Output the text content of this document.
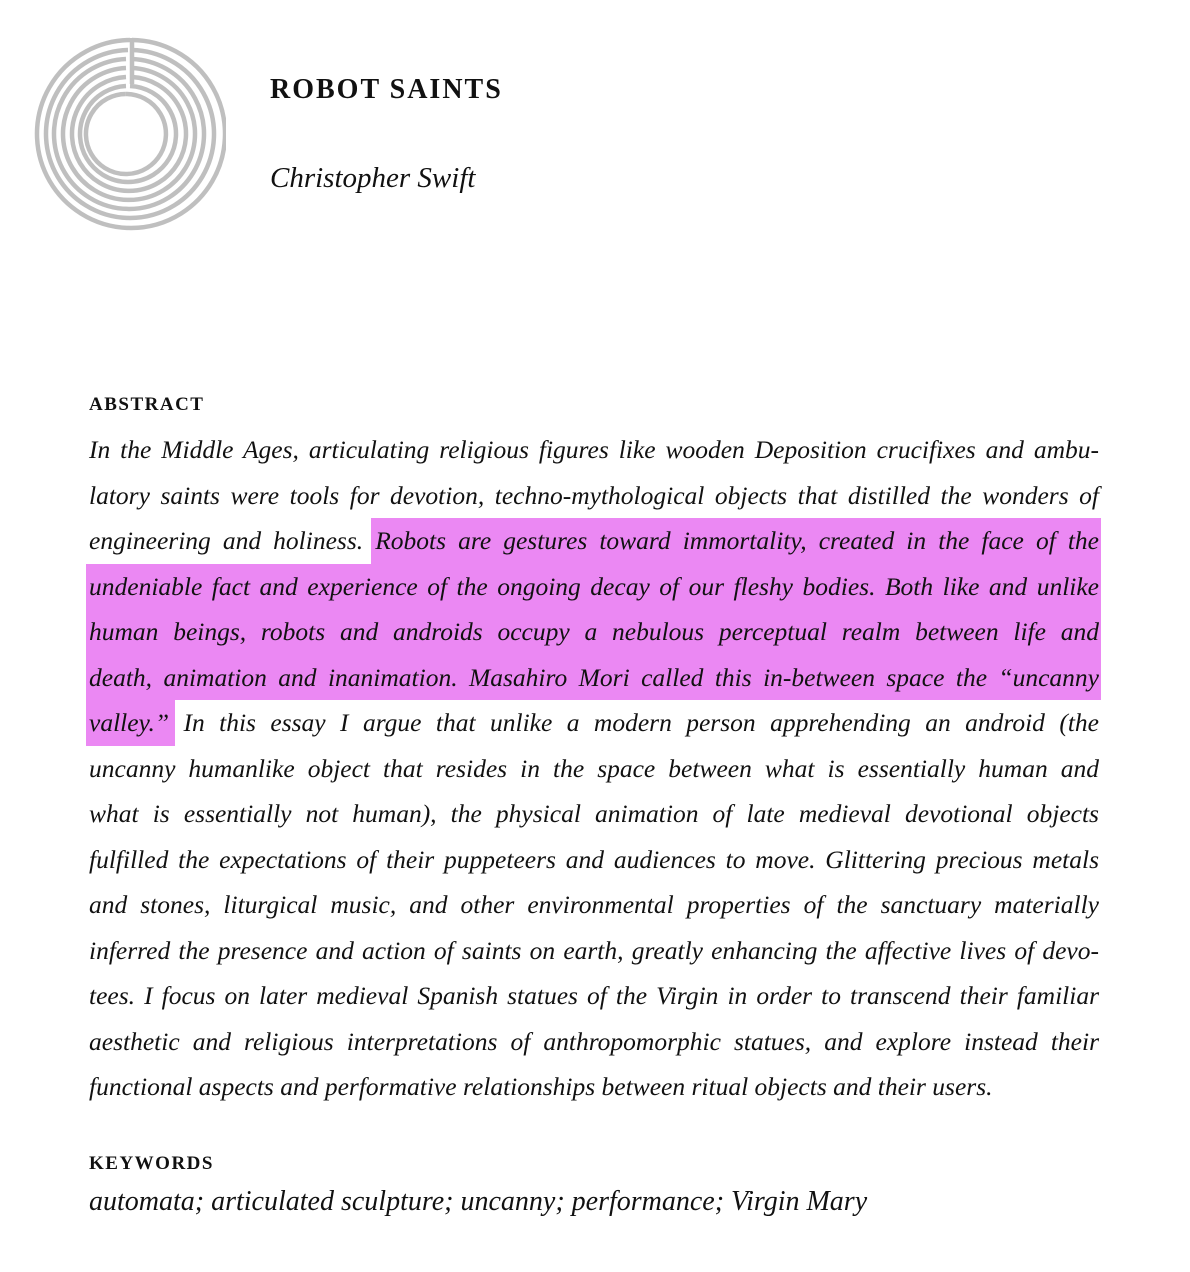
ROBOT SAINTS
Christopher Swift
ABSTRACT
In the Middle Ages, articulating religious figures like wooden Deposition crucifixes and ambu-
latory saints were tools for devotion, techno-mythological objects that distilled the wonders of
engineering and holiness. Robots are gestures toward immortality, created in the face of the
undeniable fact and experience of the ongoing decay of our fleshy bodies. Both like and unlike
human beings, robots and androids occupy a nebulous perceptual realm between life and
death, animation and inanimation. Masahiro Mori called this in-between space the “uncanny
valley.” In this essay I argue that unlike a modern person apprehending an android (the
uncanny humanlike object that resides in the space between what is essentially human and
what is essentially not human), the physical animation of late medieval devotional objects
fulfilled the expectations of their puppeteers and audiences to move. Glittering precious metals
and stones, liturgical music, and other environmental properties of the sanctuary materially
inferred the presence and action of saints on earth, greatly enhancing the affective lives of devo-
tees. I focus on later medieval Spanish statues of the Virgin in order to transcend their familiar
aesthetic and religious interpretations of anthropomorphic statues, and explore instead their
functional aspects and performative relationships between ritual objects and their users.
KEYWORDS
automata; articulated sculpture; uncanny; performance; Virgin Mary
